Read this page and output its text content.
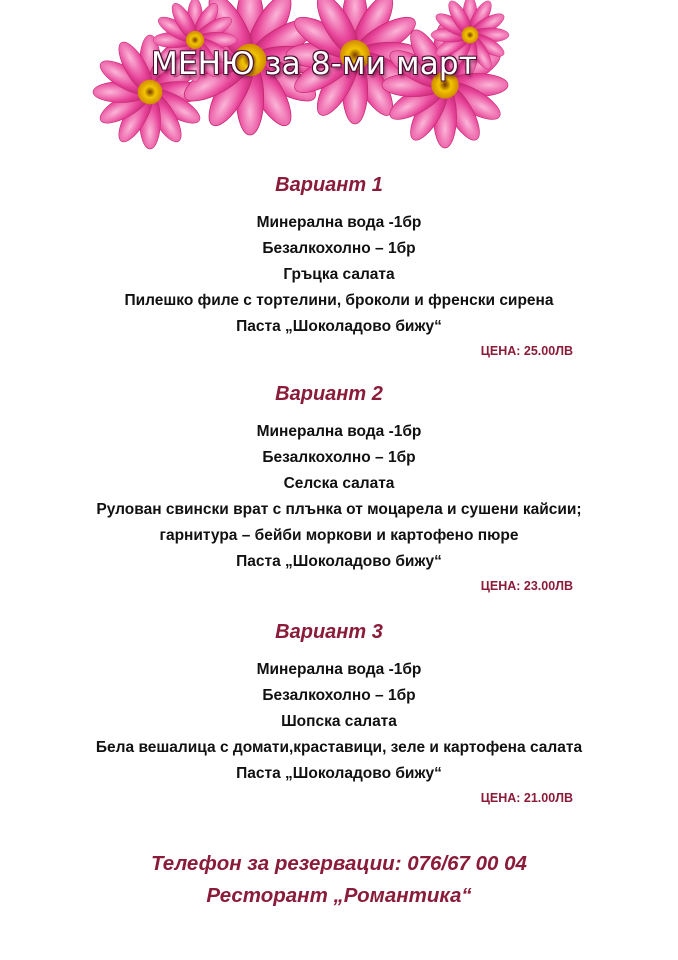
МЕНЮ за 8-ми март
Вариант 1
Минерална вода -1бр
Безалкохолно – 1бр
Гръцка салата
Пилешко филе с тортелини, броколи и френски сирена
Паста „Шоколадово бижу“
ЦЕНА: 25.00ЛВ
Вариант 2
Минерална вода -1бр
Безалкохолно – 1бр
Селска салата
Рулован свински врат с плънка от моцарела и сушени кайсии;
гарнитура – бейби моркови и картофено пюре
Паста „Шоколадово бижу“
ЦЕНА: 23.00ЛВ
Вариант 3
Минерална вода -1бр
Безалкохолно – 1бр
Шопска салата
Бела вешалица с домати,краставици, зеле и картофена салата
Паста „Шоколадово бижу“
ЦЕНА: 21.00ЛВ
Телефон за резервации: 076/67 00 04
Ресторант „Романтика“
